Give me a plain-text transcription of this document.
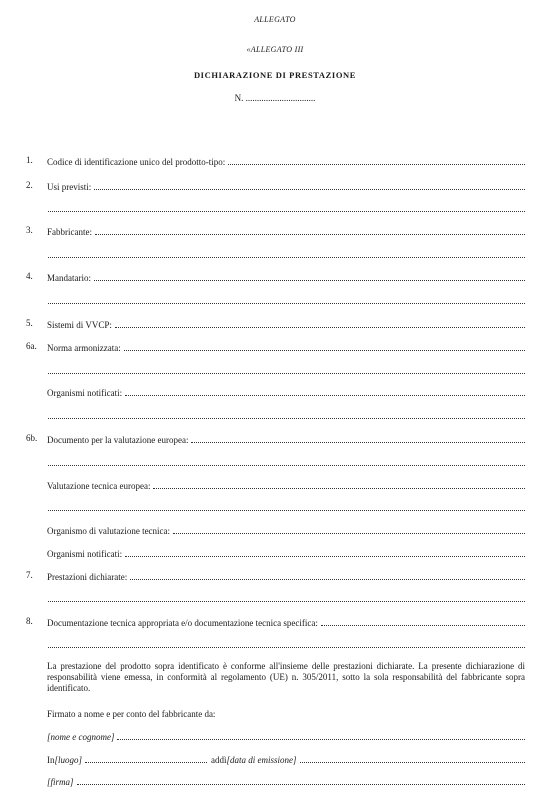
ALLEGATO
«ALLEGATO III
DICHIARAZIONE DI PRESTAZIONE
N. ...............................
1.	Codice di identificazione unico del prodotto-tipo:
2.	Usi previsti:
3.	Fabbricante:
4.	Mandatario:
5.	Sistemi di VVCP:
6a.	Norma armonizzata:
Organismi notificati:
6b.	Documento per la valutazione europea:
Valutazione tecnica europea:
Organismo di valutazione tecnica:
Organismi notificati:
7.	Prestazioni dichiarate:
8.	Documentazione tecnica appropriata e/o documentazione tecnica specifica:
La prestazione del prodotto sopra identificato è conforme all'insieme delle prestazioni dichiarate. La presente dichiarazione di responsabilità viene emessa, in conformità al regolamento (UE) n. 305/2011, sotto la sola responsabilità del fabbricante sopra identificato.
Firmato a nome e per conto del fabbricante da:
[nome e cognome]
In [luogo]	addì [data di emissione]
[firma]
